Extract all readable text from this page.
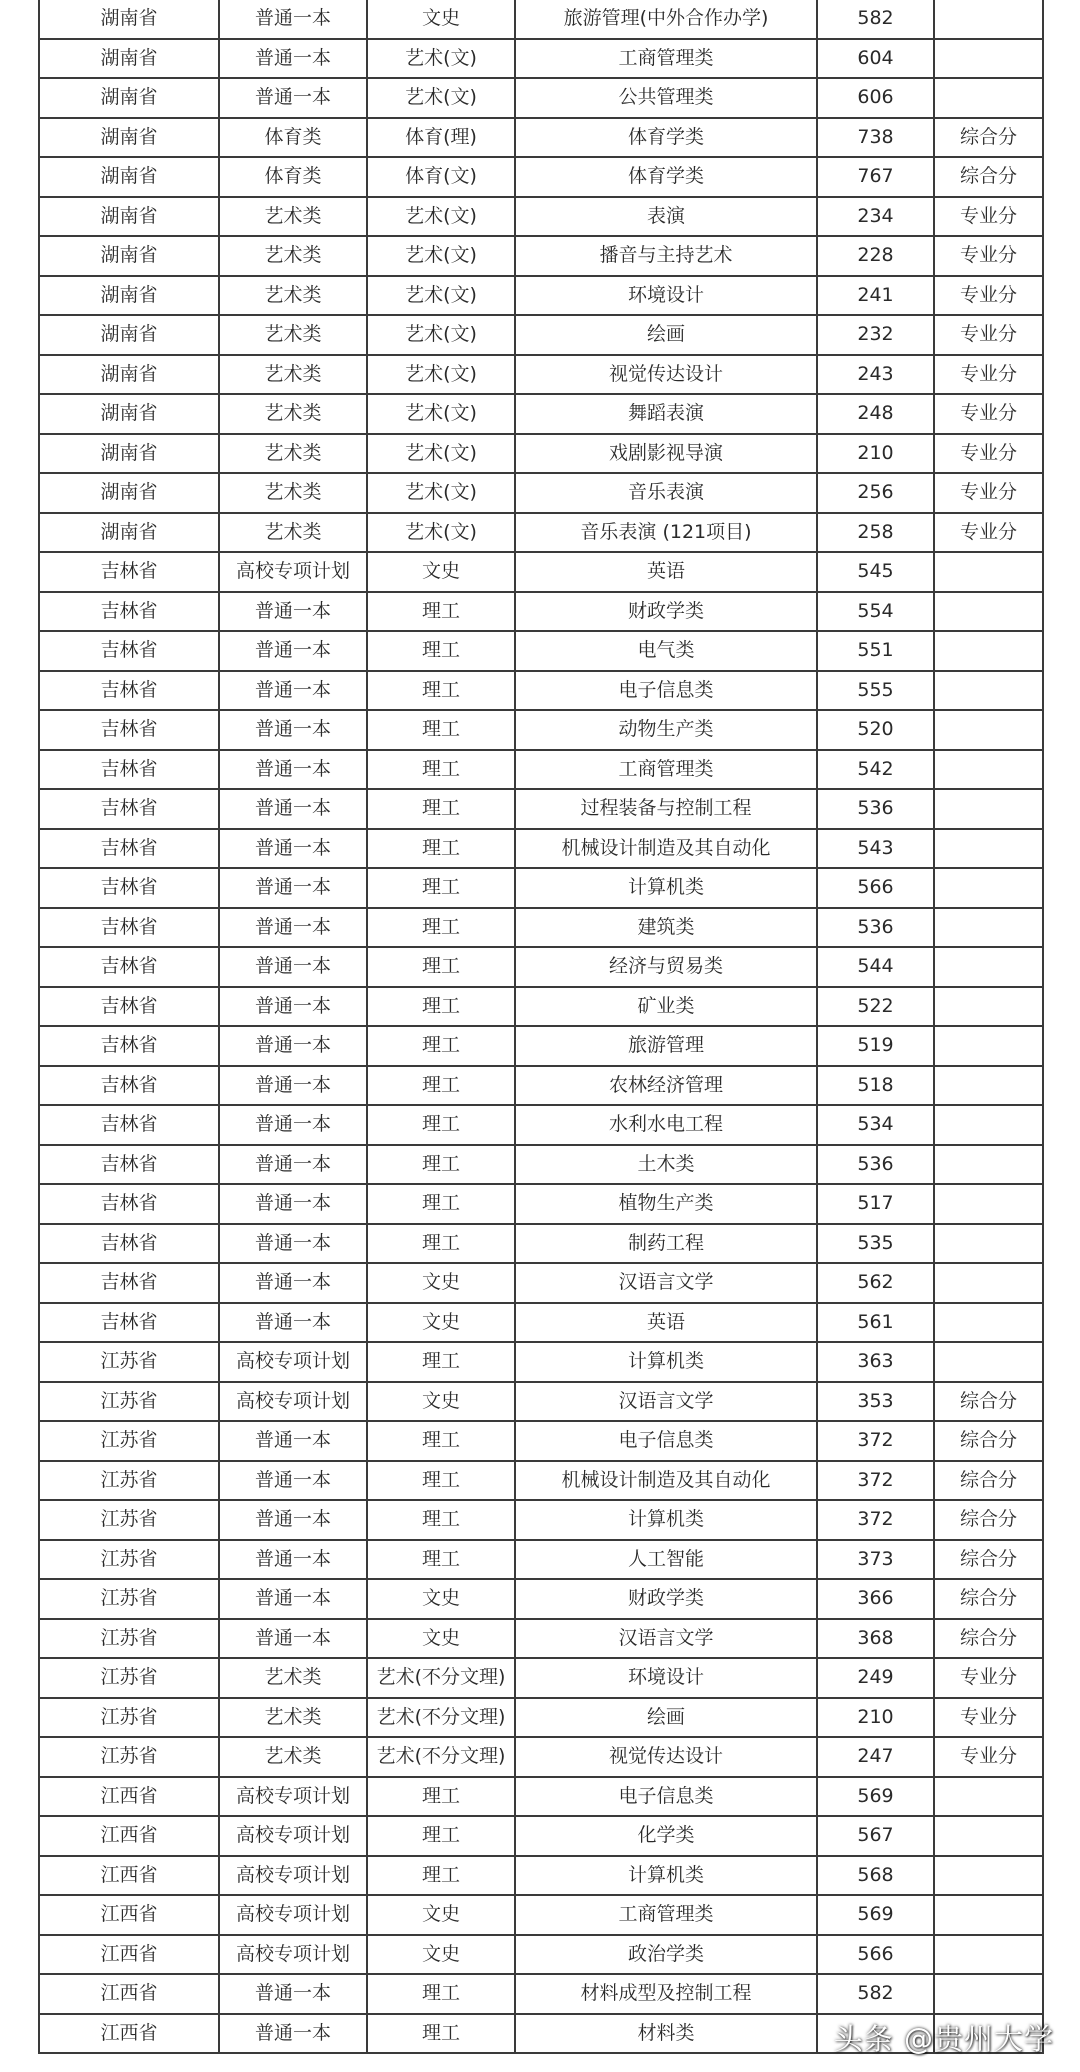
湖南省	普通一本	文史	旅游管理(中外合作办学)	582	
湖南省	普通一本	艺术(文)	工商管理类	604	
湖南省	普通一本	艺术(文)	公共管理类	606	
湖南省	体育类	体育(理)	体育学类	738	综合分
湖南省	体育类	体育(文)	体育学类	767	综合分
湖南省	艺术类	艺术(文)	表演	234	专业分
湖南省	艺术类	艺术(文)	播音与主持艺术	228	专业分
湖南省	艺术类	艺术(文)	环境设计	241	专业分
湖南省	艺术类	艺术(文)	绘画	232	专业分
湖南省	艺术类	艺术(文)	视觉传达设计	243	专业分
湖南省	艺术类	艺术(文)	舞蹈表演	248	专业分
湖南省	艺术类	艺术(文)	戏剧影视导演	210	专业分
湖南省	艺术类	艺术(文)	音乐表演	256	专业分
湖南省	艺术类	艺术(文)	音乐表演 (121项目)	258	专业分
吉林省	高校专项计划	文史	英语	545	
吉林省	普通一本	理工	财政学类	554	
吉林省	普通一本	理工	电气类	551	
吉林省	普通一本	理工	电子信息类	555	
吉林省	普通一本	理工	动物生产类	520	
吉林省	普通一本	理工	工商管理类	542	
吉林省	普通一本	理工	过程装备与控制工程	536	
吉林省	普通一本	理工	机械设计制造及其自动化	543	
吉林省	普通一本	理工	计算机类	566	
吉林省	普通一本	理工	建筑类	536	
吉林省	普通一本	理工	经济与贸易类	544	
吉林省	普通一本	理工	矿业类	522	
吉林省	普通一本	理工	旅游管理	519	
吉林省	普通一本	理工	农林经济管理	518	
吉林省	普通一本	理工	水利水电工程	534	
吉林省	普通一本	理工	土木类	536	
吉林省	普通一本	理工	植物生产类	517	
吉林省	普通一本	理工	制药工程	535	
吉林省	普通一本	文史	汉语言文学	562	
吉林省	普通一本	文史	英语	561	
江苏省	高校专项计划	理工	计算机类	363	
江苏省	高校专项计划	文史	汉语言文学	353	综合分
江苏省	普通一本	理工	电子信息类	372	综合分
江苏省	普通一本	理工	机械设计制造及其自动化	372	综合分
江苏省	普通一本	理工	计算机类	372	综合分
江苏省	普通一本	理工	人工智能	373	综合分
江苏省	普通一本	文史	财政学类	366	综合分
江苏省	普通一本	文史	汉语言文学	368	综合分
江苏省	艺术类	艺术(不分文理)	环境设计	249	专业分
江苏省	艺术类	艺术(不分文理)	绘画	210	专业分
江苏省	艺术类	艺术(不分文理)	视觉传达设计	247	专业分
江西省	高校专项计划	理工	电子信息类	569	
江西省	高校专项计划	理工	化学类	567	
江西省	高校专项计划	理工	计算机类	568	
江西省	高校专项计划	文史	工商管理类	569	
江西省	高校专项计划	文史	政治学类	566	
江西省	普通一本	理工	材料成型及控制工程	582	
江西省	普通一本	理工	材料类			头条 @贵州大学
